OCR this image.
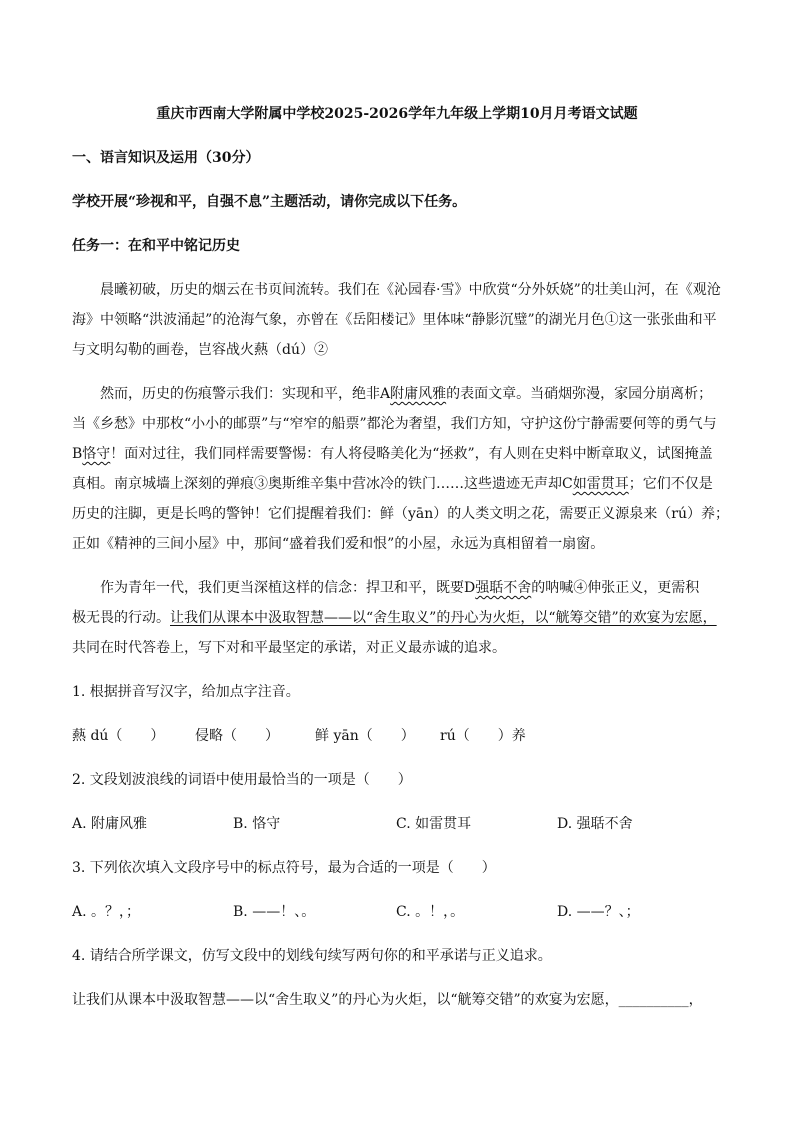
重庆市西南大学附属中学校2025-2026学年九年级上学期10月月考语文试题
一、语言知识及运用（30分）
学校开展“珍视和平，自强不息”主题活动，请你完成以下任务。
任务一：在和平中铭记历史
晨曦初破，历史的烟云在书页间流转。我们在《沁园春·雪》中欣赏“分外妖娆”的壮美山河，在《观沧
海》中领略“洪波涌起”的沧海气象，亦曾在《岳阳楼记》里体味“静影沉璧”的湖光月色①这一张张曲和平
与文明勾勒的画卷，岂容战火爇（dú）②
然而，历史的伤痕警示我们：实现和平，绝非A附庸风雅的表面文章。当硝烟弥漫，家园分崩离析；
当《乡愁》中那枚“小小的邮票”与“窄窄的船票”都沦为奢望，我们方知，守护这份宁静需要何等的勇气与
B恪守！面对过往，我们同样需要警惕：有人将侵略美化为“拯救”，有人则在史料中断章取义，试图掩盖
真相。南京城墙上深刻的弹痕③奥斯维辛集中营冰冷的铁门……这些遗迹无声却C如雷贯耳；它们不仅是
历史的注脚，更是长鸣的警钟！它们提醒着我们：鲜（yān）的人类文明之花，需要正义源泉来（rú）养；
正如《精神的三间小屋》中，那间“盛着我们爱和恨”的小屋，永远为真相留着一扇窗。
作为青年一代，我们更当深植这样的信念：捍卫和平，既要D强聒不舍的呐喊④伸张正义，更需积
极无畏的行动。让我们从课本中汲取智慧——以“舍生取义”的丹心为火炬，以“觥筹交错”的欢宴为宏愿，
共同在时代答卷上，写下对和平最坚定的承诺，对正义最赤诚的追求。
1. 根据拼音写汉字，给加点字注音。
爇 dú（　　） 侵略（　　）	鲜 yān（　　） rú（　　）养
2. 文段划波浪线的词语中使用最恰当的一项是（　　）
A. 附庸风雅	B. 恪守	C. 如雷贯耳	D. 强聒不舍
3. 下列依次填入文段序号中的标点符号，最为合适的一项是（　　）
A. 。？，；	B. ——！、。	C. 。！，。	D. ——？、；
4. 请结合所学课文，仿写文段中的划线句续写两句你的和平承诺与正义追求。
让我们从课本中汲取智慧——以“舍生取义”的丹心为火炬，以“觥筹交错”的欢宴为宏愿，__________，
